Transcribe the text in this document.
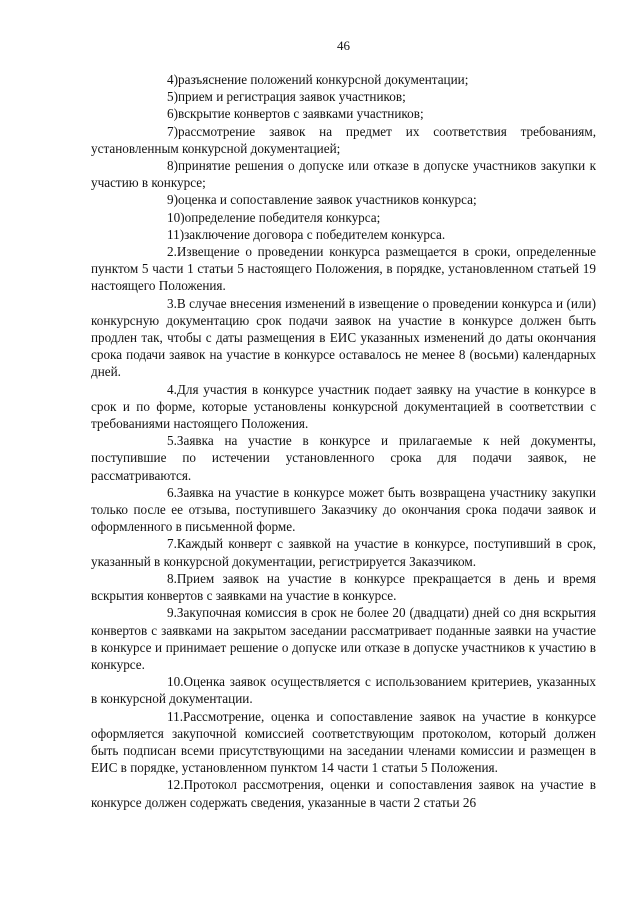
46

4)разъяснение положений конкурсной документации;

5)прием и регистрация заявок участников;

6)вскрытие конвертов с заявками участников;

7)рассмотрение заявок на предмет их соответствия требованиям, установленным конкурсной документацией;

8)принятие решения о допуске или отказе в допуске участников закупки к участию в конкурсе;

9)оценка и сопоставление заявок участников конкурса;

10)определение победителя конкурса;

11)заключение договора с победителем конкурса.

2.Извещение о проведении конкурса размещается в сроки, определенные пунктом 5 части 1 статьи 5 настоящего Положения, в порядке, установленном статьей 19 настоящего Положения.

3.В случае внесения изменений в извещение о проведении конкурса и (или) конкурсную документацию срок подачи заявок на участие в конкурсе должен быть продлен так, чтобы с даты размещения в ЕИС указанных изменений до даты окончания срока подачи заявок на участие в конкурсе оставалось не менее 8 (восьми) календарных дней.

4.Для участия в конкурсе участник подает заявку на участие в конкурсе в срок и по форме, которые установлены конкурсной документацией в соответствии с требованиями настоящего Положения.

5.Заявка на участие в конкурсе и прилагаемые к ней документы, поступившие по истечении установленного срока для подачи заявок, не рассматриваются.

6.Заявка на участие в конкурсе может быть возвращена участнику закупки только после ее отзыва, поступившего Заказчику до окончания срока подачи заявок и оформленного в письменной форме.

7.Каждый конверт с заявкой на участие в конкурсе, поступивший в срок, указанный в конкурсной документации, регистрируется Заказчиком.

8.Прием заявок на участие в конкурсе прекращается в день и время вскрытия конвертов с заявками на участие в конкурсе.

9.Закупочная комиссия в срок не более 20 (двадцати) дней со дня вскрытия конвертов с заявками на закрытом заседании рассматривает поданные заявки на участие в конкурсе и принимает решение о допуске или отказе в допуске участников к участию в конкурсе.

10.Оценка заявок осуществляется с использованием критериев, указанных в конкурсной документации.

11.Рассмотрение, оценка и сопоставление заявок на участие в конкурсе оформляется закупочной комиссией соответствующим протоколом, который должен быть подписан всеми присутствующими на заседании членами комиссии и размещен в ЕИС в порядке, установленном пунктом 14 части 1 статьи 5 Положения.

12.Протокол рассмотрения, оценки и сопоставления заявок на участие в конкурсе должен содержать сведения, указанные в части 2 статьи 26
